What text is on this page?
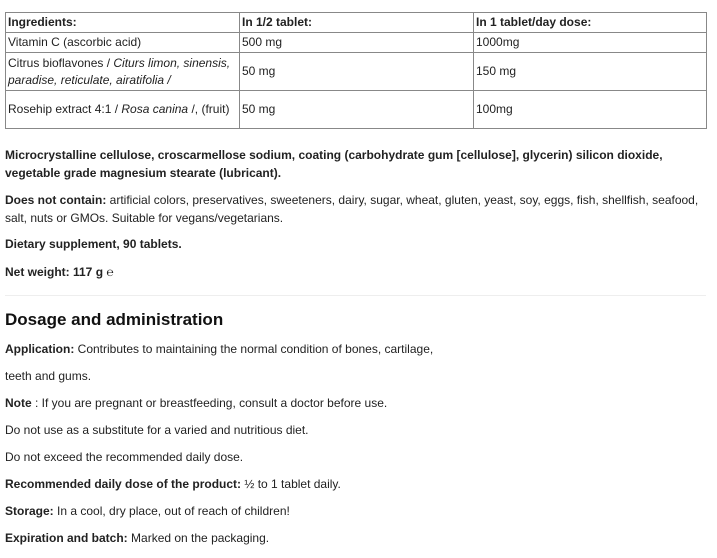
Ingredients:	In 1/2 tablet:	In 1 tablet/day dose:
Vitamin C (ascorbic acid)	500 mg	1000mg
Citrus bioflavones / Citurs limon, sinensis, paradise, reticulate, airatifolia /	50 mg	150 mg
Rosehip extract 4:1 / Rosa canina /, (fruit)	50 mg	100mg

Microcrystalline cellulose, croscarmellose sodium, coating (carbohydrate gum [cellulose], glycerin) silicon dioxide, vegetable grade magnesium stearate (lubricant).

Does not contain: artificial colors, preservatives, sweeteners, dairy, sugar, wheat, gluten, yeast, soy, eggs, fish, shellfish, seafood, salt, nuts or GMOs. Suitable for vegans/vegetarians.

Dietary supplement, 90 tablets.

Net weight: 117 g ℮

Dosage and administration

Application: Contributes to maintaining the normal condition of bones, cartilage,

teeth and gums.

Note : If you are pregnant or breastfeeding, consult a doctor before use.

Do not use as a substitute for a varied and nutritious diet.

Do not exceed the recommended daily dose.

Recommended daily dose of the product: ½ to 1 tablet daily.

Storage: In a cool, dry place, out of reach of children!

Expiration and batch: Marked on the packaging.
